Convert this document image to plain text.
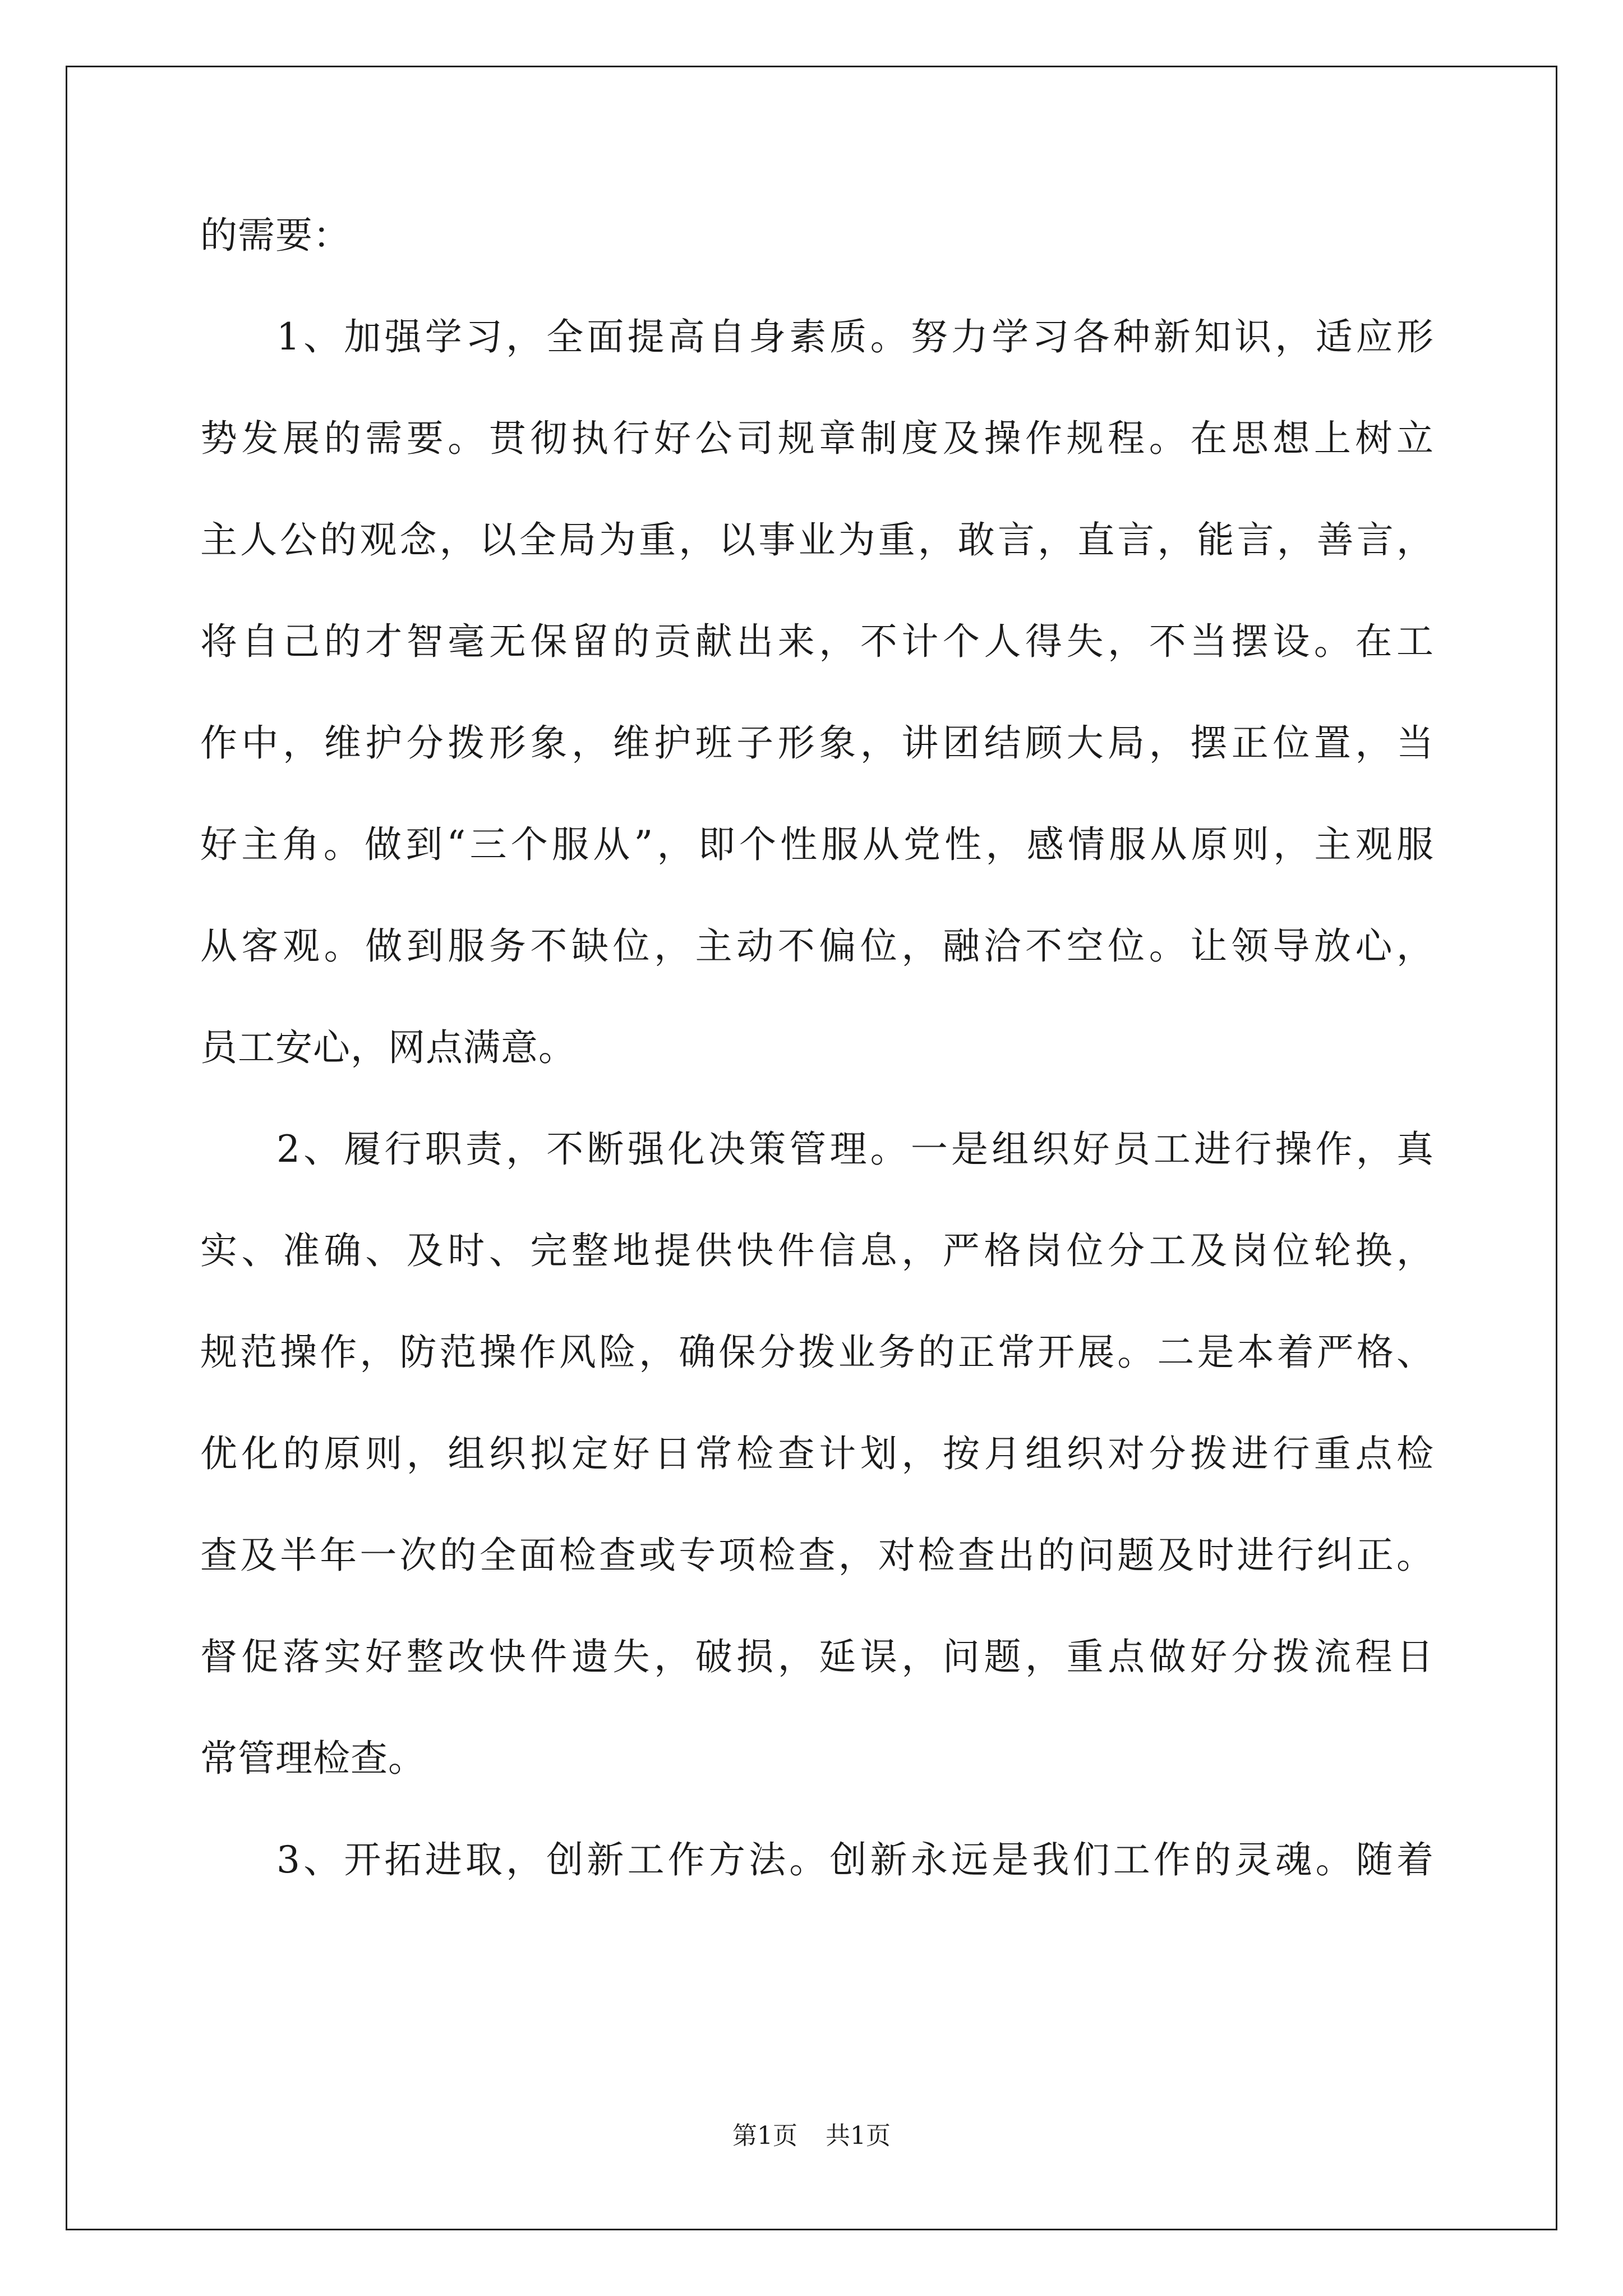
的需要：
1、加强学习，全面提高自身素质。努力学习各种新知识，适应形
势发展的需要。贯彻执行好公司规章制度及操作规程。在思想上树立
主人公的观念，以全局为重，以事业为重，敢言，直言，能言，善言，
将自己的才智毫无保留的贡献出来，不计个人得失，不当摆设。在工
作中，维护分拨形象，维护班子形象，讲团结顾大局，摆正位置，当
好主角。做到“三个服从”，即个性服从党性，感情服从原则，主观服
从客观。做到服务不缺位，主动不偏位，融洽不空位。让领导放心，
员工安心，网点满意。
2、履行职责，不断强化决策管理。一是组织好员工进行操作，真
实、准确、及时、完整地提供快件信息，严格岗位分工及岗位轮换，
规范操作，防范操作风险，确保分拨业务的正常开展。二是本着严格、
优化的原则，组织拟定好日常检查计划，按月组织对分拨进行重点检
查及半年一次的全面检查或专项检查，对检查出的问题及时进行纠正。
督促落实好整改快件遗失，破损，延误，问题，重点做好分拨流程日
常管理检查。
3、开拓进取，创新工作方法。创新永远是我们工作的灵魂。随着
第1页 共1页
